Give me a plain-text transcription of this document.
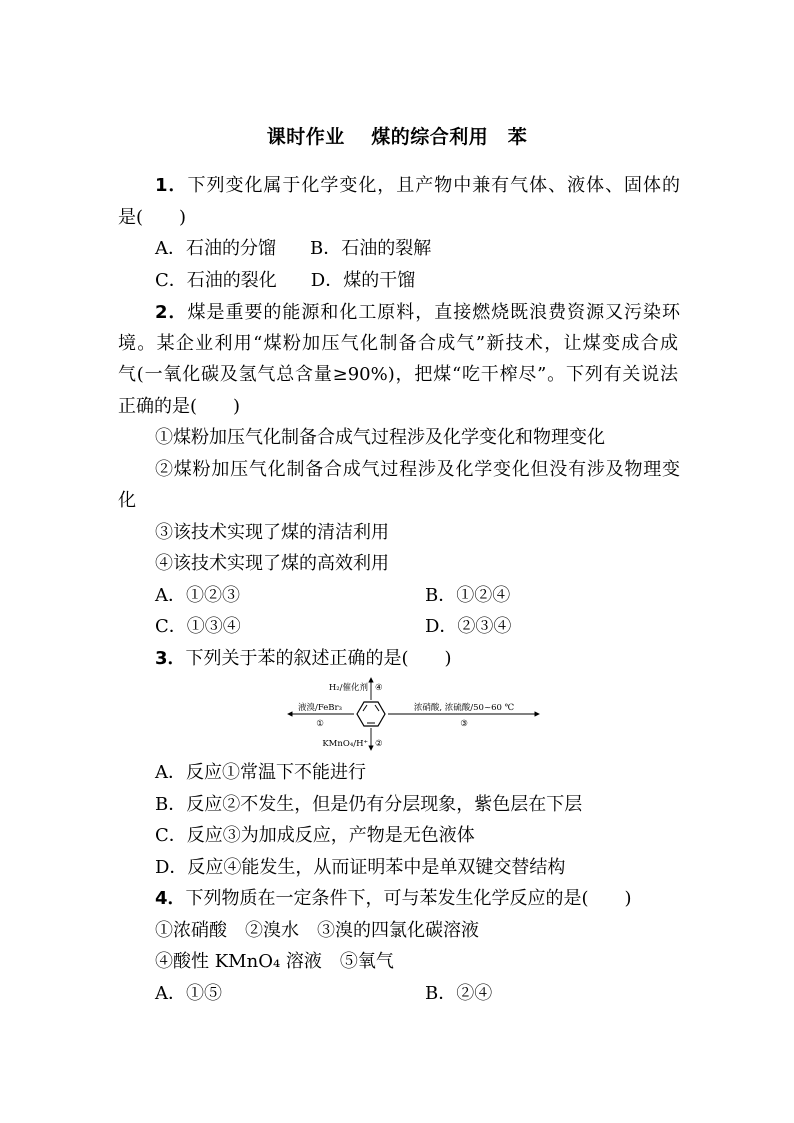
课时作业　 煤的综合利用　苯
1．下列变化属于化学变化，且产物中兼有气体、液体、固体的
是(　　)
A．石油的分馏 B．石油的裂解
C．石油的裂化 D．煤的干馏
2．煤是重要的能源和化工原料，直接燃烧既浪费资源又污染环
境。某企业利用“煤粉加压气化制备合成气”新技术，让煤变成合成
气(一氧化碳及氢气总含量≥90%)，把煤“吃干榨尽”。下列有关说法
正确的是(　　)
①煤粉加压气化制备合成气过程涉及化学变化和物理变化
②煤粉加压气化制备合成气过程涉及化学变化但没有涉及物理变
化
③该技术实现了煤的清洁利用
④该技术实现了煤的高效利用
A．①②③	B．①②④
C．①③④	D．②③④
3．下列关于苯的叙述正确的是(　　)
H₂/催化剂 ④
液溴/FeBr₃
①
浓硝酸, 浓硫酸/50~60 ℃
③
KMnO₄/H⁺ ②
A．反应①常温下不能进行
B．反应②不发生，但是仍有分层现象，紫色层在下层
C．反应③为加成反应，产物是无色液体
D．反应④能发生，从而证明苯中是单双键交替结构
4．下列物质在一定条件下，可与苯发生化学反应的是(　　)
①浓硝酸　②溴水　③溴的四氯化碳溶液
④酸性 KMnO₄ 溶液　⑤氧气
A．①⑤	B．②④
